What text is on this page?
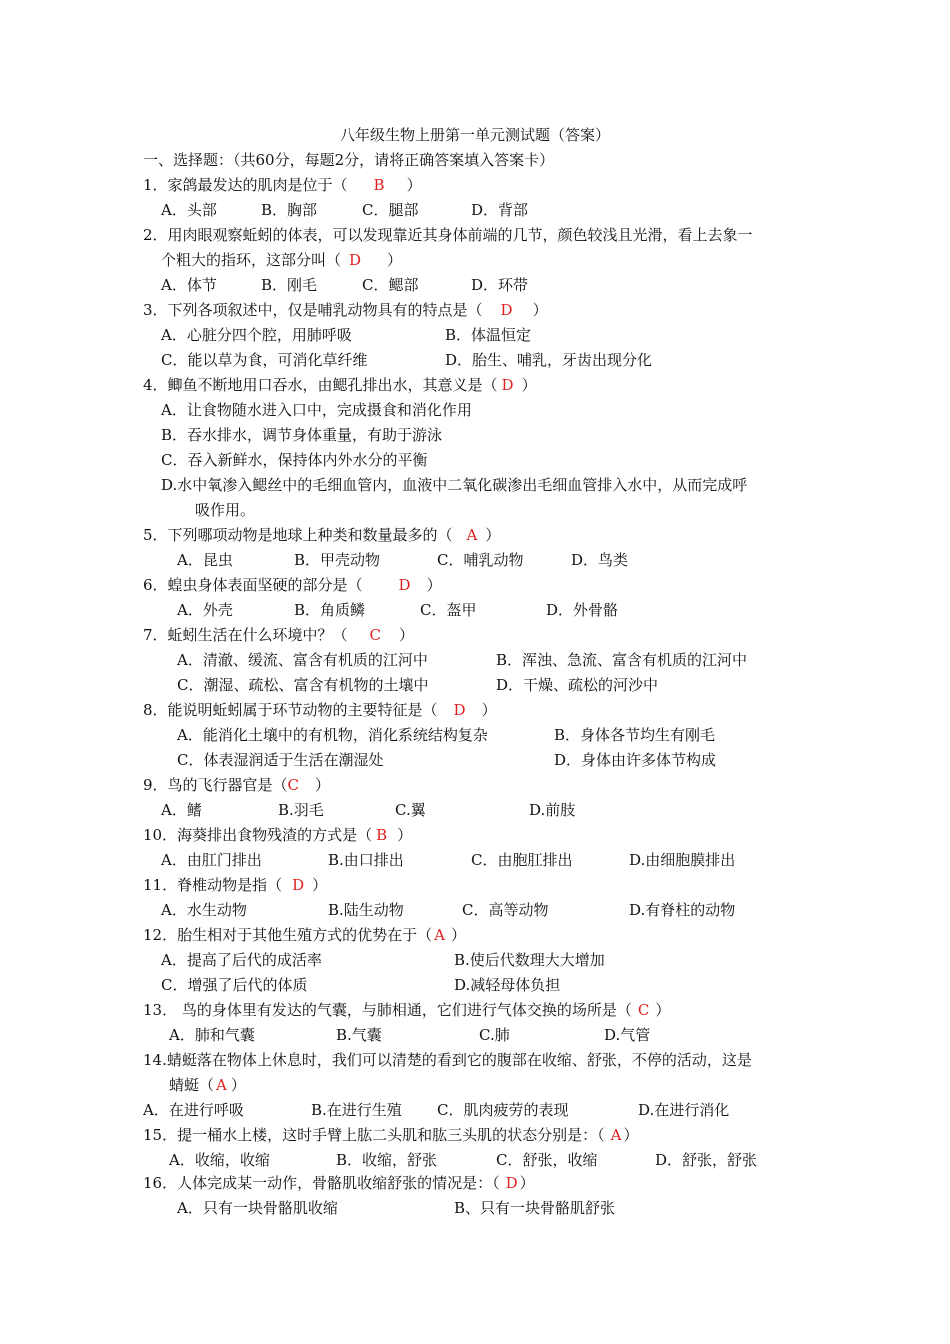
八年级生物上册第一单元测试题（答案）
一、选择题：（共60分，每题2分，请将正确答案填入答案卡）
1．家鸽最发达的肌肉是位于（ B ）
A．头部	B．胸部	C．腿部	D．背部
2．用肉眼观察蚯蚓的体表，可以发现靠近其身体前端的几节，颜色较浅且光滑，看上去象一
个粗大的指环，这部分叫（ D ）
A．体节	B．刚毛	C．鳃部	D．环带
3．下列各项叙述中，仅是哺乳动物具有的特点是（ D ）
A．心脏分四个腔，用肺呼吸	B．体温恒定
C．能以草为食，可消化草纤维	D．胎生、哺乳，牙齿出现分化
4．鲫鱼不断地用口吞水，由鳃孔排出水，其意义是（ D ）
A．让食物随水进入口中，完成摄食和消化作用
B．吞水排水，调节身体重量，有助于游泳
C．吞入新鲜水，保持体内外水分的平衡
D.水中氧渗入鳃丝中的毛细血管内，血液中二氧化碳渗出毛细血管排入水中，从而完成呼
吸作用。
5．下列哪项动物是地球上种类和数量最多的（ A ）
A．昆虫	B．甲壳动物	C．哺乳动物	D．鸟类
6．蝗虫身体表面坚硬的部分是（ D ）
A．外壳	B．角质鳞	C．盔甲	D．外骨骼
7．蚯蚓生活在什么环境中？（ C ）
A．清澈、缓流、富含有机质的江河中	B．浑浊、急流、富含有机质的江河中
C．潮湿、疏松、富含有机物的土壤中	D．干燥、疏松的河沙中
8．能说明蚯蚓属于环节动物的主要特征是（ D ）
A．能消化土壤中的有机物，消化系统结构复杂	B．身体各节均生有刚毛
C．体表湿润适于生活在潮湿处	D．身体由许多体节构成
9．鸟的飞行器官是（C ）
A．鳍	B.羽毛	C.翼	D.前肢
10．海葵排出食物残渣的方式是（ B ）
A．由肛门排出	B.由口排出	C．由胞肛排出	D.由细胞膜排出
11．脊椎动物是指（ D ）
A．水生动物	B.陆生动物	C．高等动物	D.有脊柱的动物
12．胎生相对于其他生殖方式的优势在于（ A ）
A．提高了后代的成活率	B.使后代数理大大增加
C．增强了后代的体质	D.减轻母体负担
13． 鸟的身体里有发达的气囊，与肺相通，它们进行气体交换的场所是（ C ）
A．肺和气囊	B.气囊	C.肺	D.气管
14.蜻蜓落在物体上休息时，我们可以清楚的看到它的腹部在收缩、舒张，不停的活动，这是
蜻蜓（ A ）
A．在进行呼吸	B.在进行生殖 C．肌肉疲劳的表现	D.在进行消化
15．提一桶水上楼，这时手臂上肱二头肌和肱三头肌的状态分别是：（ A ）
A．收缩，收缩	B．收缩，舒张	C．舒张，收缩	D．舒张，舒张
16．人体完成某一动作，骨骼肌收缩舒张的情况是：（ D ）
A．只有一块骨骼肌收缩	B、只有一块骨骼肌舒张
